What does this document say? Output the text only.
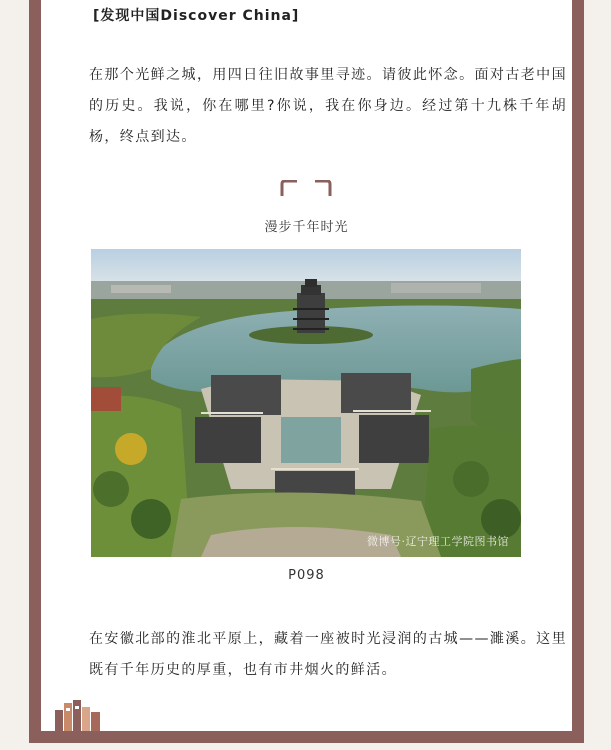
[发现中国Discover China]
在那个光鲜之城，用四日往旧故事里寻迹。请彼此怀念。面对古老中国的历史。我说，你在哪里?你说，我在你身边。经过第十九株千年胡杨，终点到达。
漫步千年时光
微博号·辽宁理工学院图书馆
P098
在安徽北部的淮北平原上，藏着一座被时光浸润的古城——濉溪。这里既有千年历史的厚重，也有市井烟火的鲜活。
